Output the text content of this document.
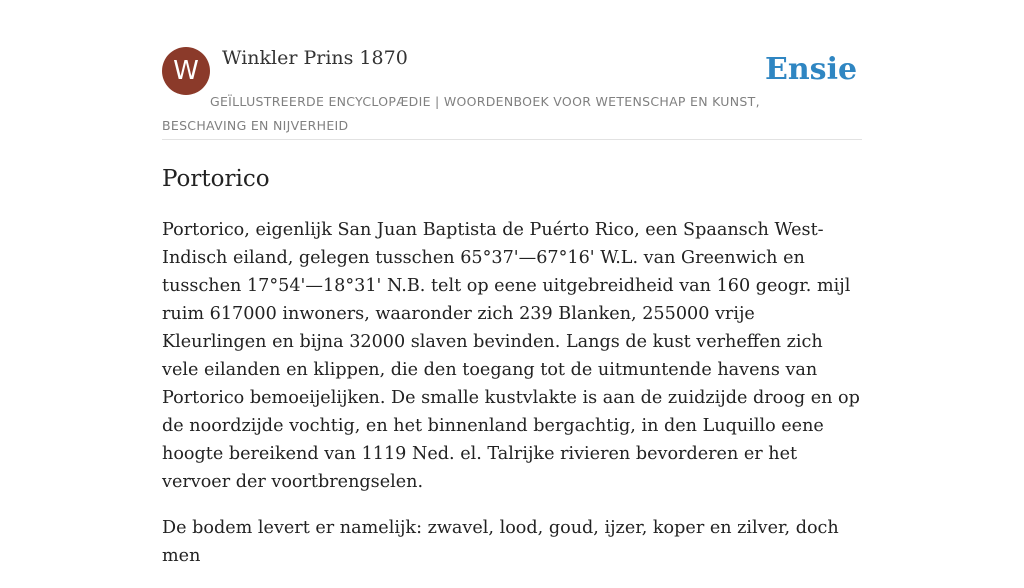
W	Winkler Prins 1870	Ensie
GEÏLLUSTREERDE ENCYCLOPÆDIE | WOORDENBOEK VOOR WETENSCHAP EN KUNST, BESCHAVING EN NIJVERHEID
Portorico

Portorico, eigenlijk San Juan Baptista de Puérto Rico, een Spaansch West-Indisch eiland, gelegen tusschen 65°37'—67°16' W.L. van Greenwich en tusschen 17°54'—18°31' N.B. telt op eene uitgebreidheid van 160 geogr. mijl ruim 617000 inwoners, waaronder zich 239 Blanken, 255000 vrije Kleurlingen en bijna 32000 slaven bevinden. Langs de kust verheffen zich vele eilanden en klippen, die den toegang tot de uitmuntende havens van Portorico bemoeijelijken. De smalle kustvlakte is aan de zuidzijde droog en op de noordzijde vochtig, en het binnenland bergachtig, in den Luquillo eene hoogte bereikend van 1119 Ned. el. Talrijke rivieren bevorderen er het vervoer der voortbrengselen.

De bodem levert er namelijk: zwavel, lood, goud, ijzer, koper en zilver, doch men
